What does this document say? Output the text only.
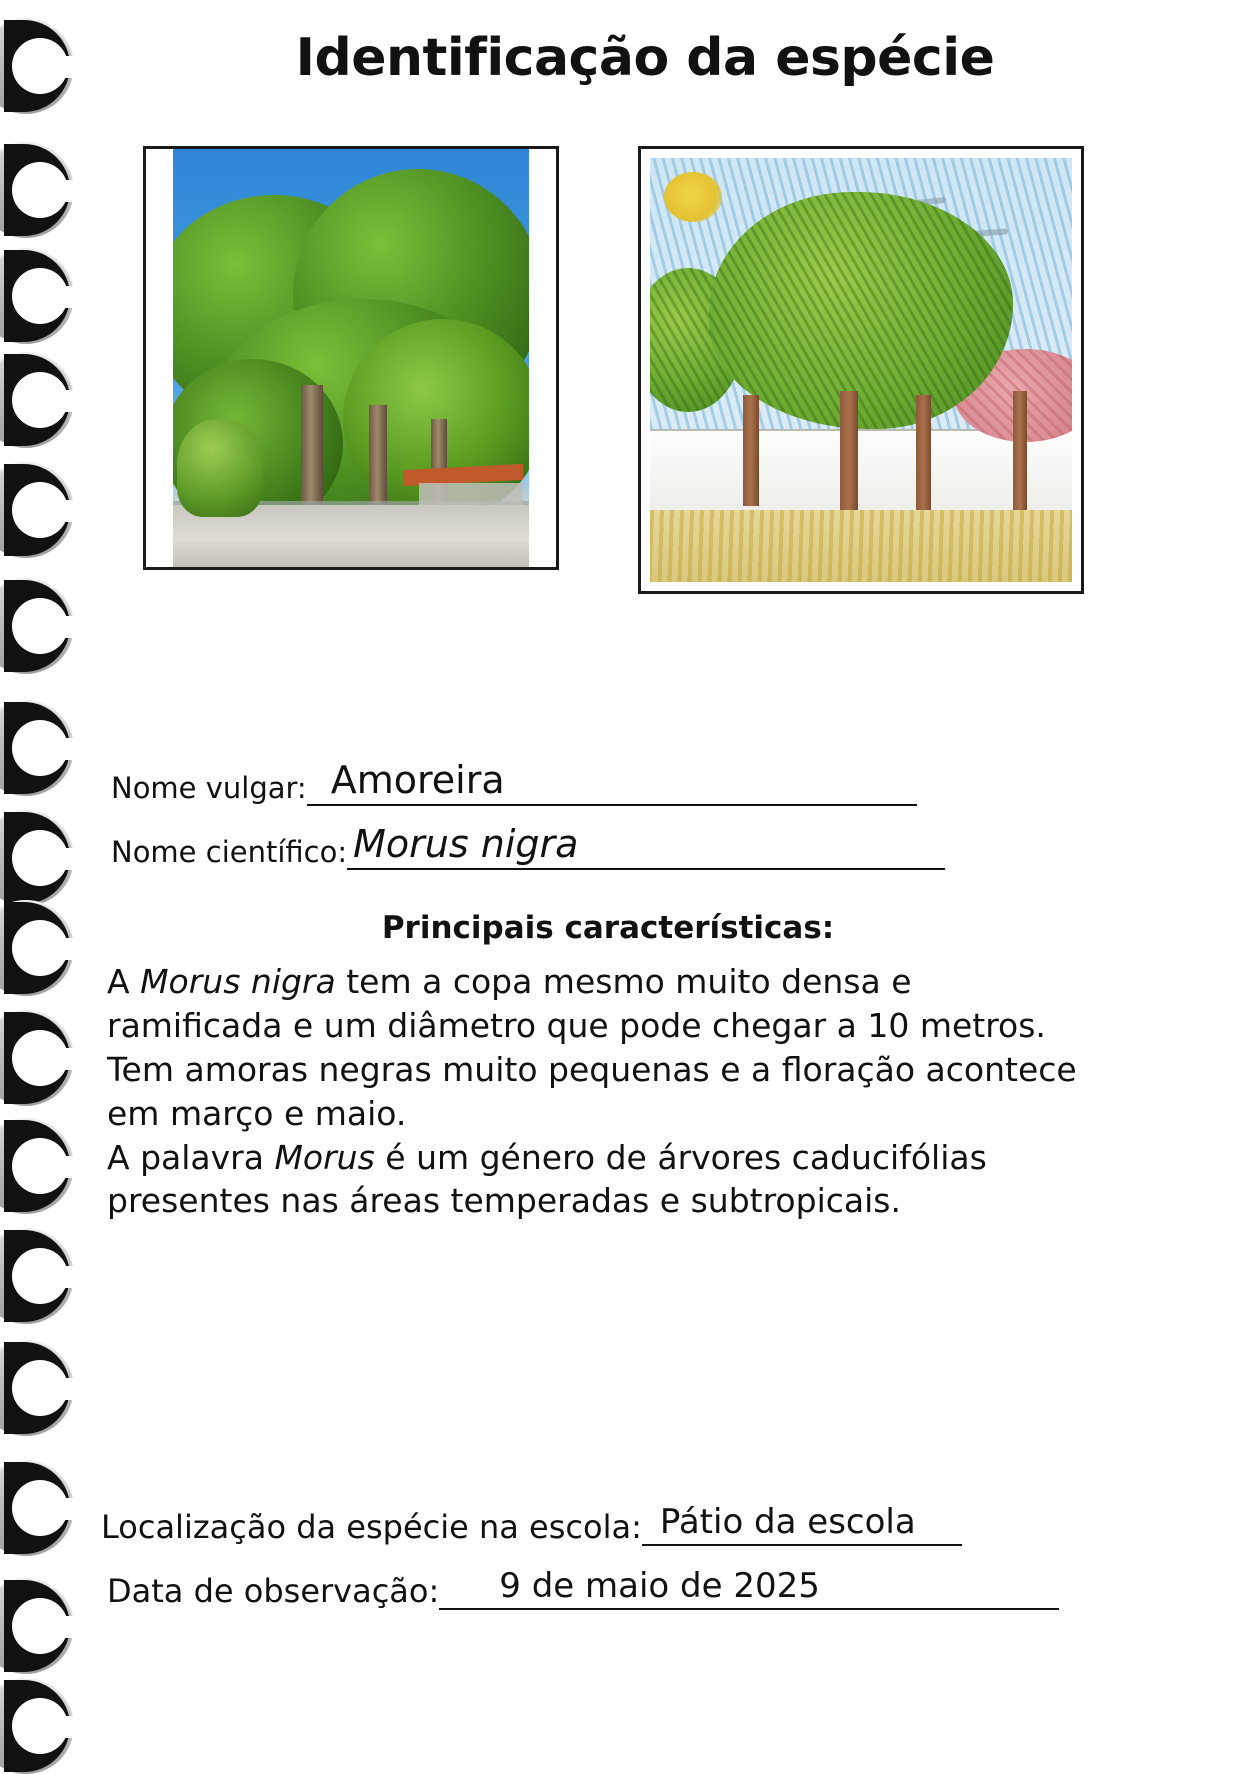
Identificação da espécie
Nome vulgar: Amoreira
Nome científico: Morus nigra
Principais características:

A Morus nigra tem a copa mesmo muito densa e ramificada e um diâmetro que pode chegar a 10 metros. Tem amoras negras muito pequenas e a floração acontece em março e maio.

A palavra Morus é um género de árvores caducifólias presentes nas áreas temperadas e subtropicais.

Localização da espécie na escola: Pátio da escola
Data de observação: 9 de maio de 2025
